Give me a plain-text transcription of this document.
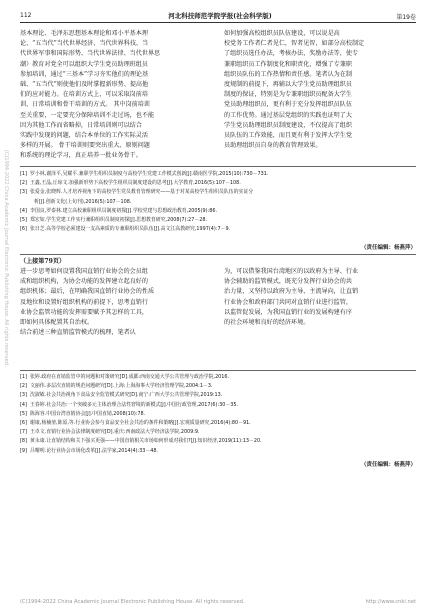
112	河北科技师范学院学报(社会科学版)	第19卷
基本理论、毛泽东思想基本理论和邓小平基本理
论、“五当代”当代世界经济、当代世界科技、当
代世界军事和国际形势、当代世界法律、当代世界思
潮）教育对党全可以组织大学生党员助理班组员
参加培训，通过“三基本”学习夯实他们的理论基
础、“五当代”则使他们及时掌握新形势、提高他
们的应对能力。在培训方式上，可以采取岗前培
训、日常培训和骨干培训的方式。 其中岗前培训
至关重要，一定要充分保障培训不走过场，也不能
因为其他工作而省略掉，日常培训则可以结合
实践中发现的问题，结合本单位的工作实际灵活
多样的开展。 骨干培训则要突出重大、原则问题
和系统的理论学习，真正培养一批业务骨干。
如何加强高校组织员队伍建设，可以说是高
校党务工作者仁者见仁，智者见智，如部分高校制定
了组织员选任办法，考核办法、奖励办法等，使专
兼职组织员工作制度化和职责化，增强了专兼职
组织员队伍的工作热情和责任感。笔者认为在制
度规制的前提下，再辅以大学生党员助理组织员
制度的保证，特别是为专兼职组织员配备大学生
党员助理组织员，更有利于充分发挥组织员队伍
的工作优势。通过基层党组织的实践也证明了大
学生党员助理组织员制度建设，不仅提高了组织
员队伍的工作效能，而且更有利于发挥大学生党
员助理组织员自身的教育管理效果。
[1] 罗小林,谢泽平,吴耀平.兼职学生组织员制度与高校学生党建工作模式创新[J].赣南医学院,2015(10):730－731.
[2] 王鑫,王晶,丘琼文.加强新形势下高校学生组织员制度建设的思考[J].大学教育,2016(5):107－108.
[3] 张爱金,张晓辉.人才培养视角下的高校学生党员教育管理研究——基于对某高校学生组织员队伍的实证分
析[J].创新文化(上旬刊),2016(5):107－108.
[4] 李国良,罗泰林.建立高校兼职组织员制度初探[J].学校党建与思想政治教育,2005(9):86.
[5] 郑宏如.学生党建工作实行兼职组织员制度初探[J].思想教育研究,2008(7):27－28.
[6] 张日芝.高等学校必须建设一支高素质的专兼职组织员队伍[J].高文江高教研究,1997(4):7－9.
（责任编辑：杨燕萍）
（上接第79页）
进一步思考如何设置我国直销行业协会的会员组
成和组织机构，为协会功能的发挥建立起良好的
组织机体；最后，在明确我国直销行业协会的性质
及地位和设置好组织机构的前提下，思考直销行
业协会监管功能的发挥需要赋予其怎样的工具，
即如何具体配置其自治权。
结合前述三种直销监管模式的梳理，笔者认
为，可以借鉴我国台湾地区的以政府为主导、行业
协会辅助的监管模式，既充分发挥行业协会的共
治力量，又坚持以政府为主导、主流导向，让直销
行业协会和政府部门共同对直销行业进行监管，
以监管促发展，为我国直销行业的发展构建有序
的社会环境和良好的经济环境。
[1] 张婷.政府在直销监管中的问题和对策研究[D].成都:西南交通大学公共管理与政治学院,2016.
[2] 文丽伟.多层次直销的规范问题研究[D].上海:上海海事大学经济管理学院,2004:1－3.
[3] 沈淑敏.社会共治视角下食品安全监管模式研究[D].南宁:广西大学公共管理学院,2019:13.
[4] 王春婷.社会共治:一个突破多元主体治理合法性窘境的新模式[J].中国行政管理,2017(6):30－35.
[5] 陈海容.中国台湾直销协会[J].中国直销,2008(10):78.
[6] 谢康,杨楠堃,陈原,等.行业协会参与食品安全社会共治的条件和策略[J].宏观质量研究,2016(4):80－91.
[7] 王卓文.直销行业协会法律制度研究[D].重庆:西南政法大学经济法学院,2009:9.
[8] 黄永康.让直销结构和关下强买更强——中国直销相关市场如何形成对我们?[J].知识经济,2019(11):13－20.
[9] 吕曙明.论行业协会市场化改革[J].法学家,2014(4):33－48.
（责任编辑：杨燕萍）
(C)1994-2022 China Academic Journal Electronic Publishing House. All rights reserved.
(C)1994-2022 China Academic Journal Electronic Publishing House. All rights reserved.	http://www.cnki.net
